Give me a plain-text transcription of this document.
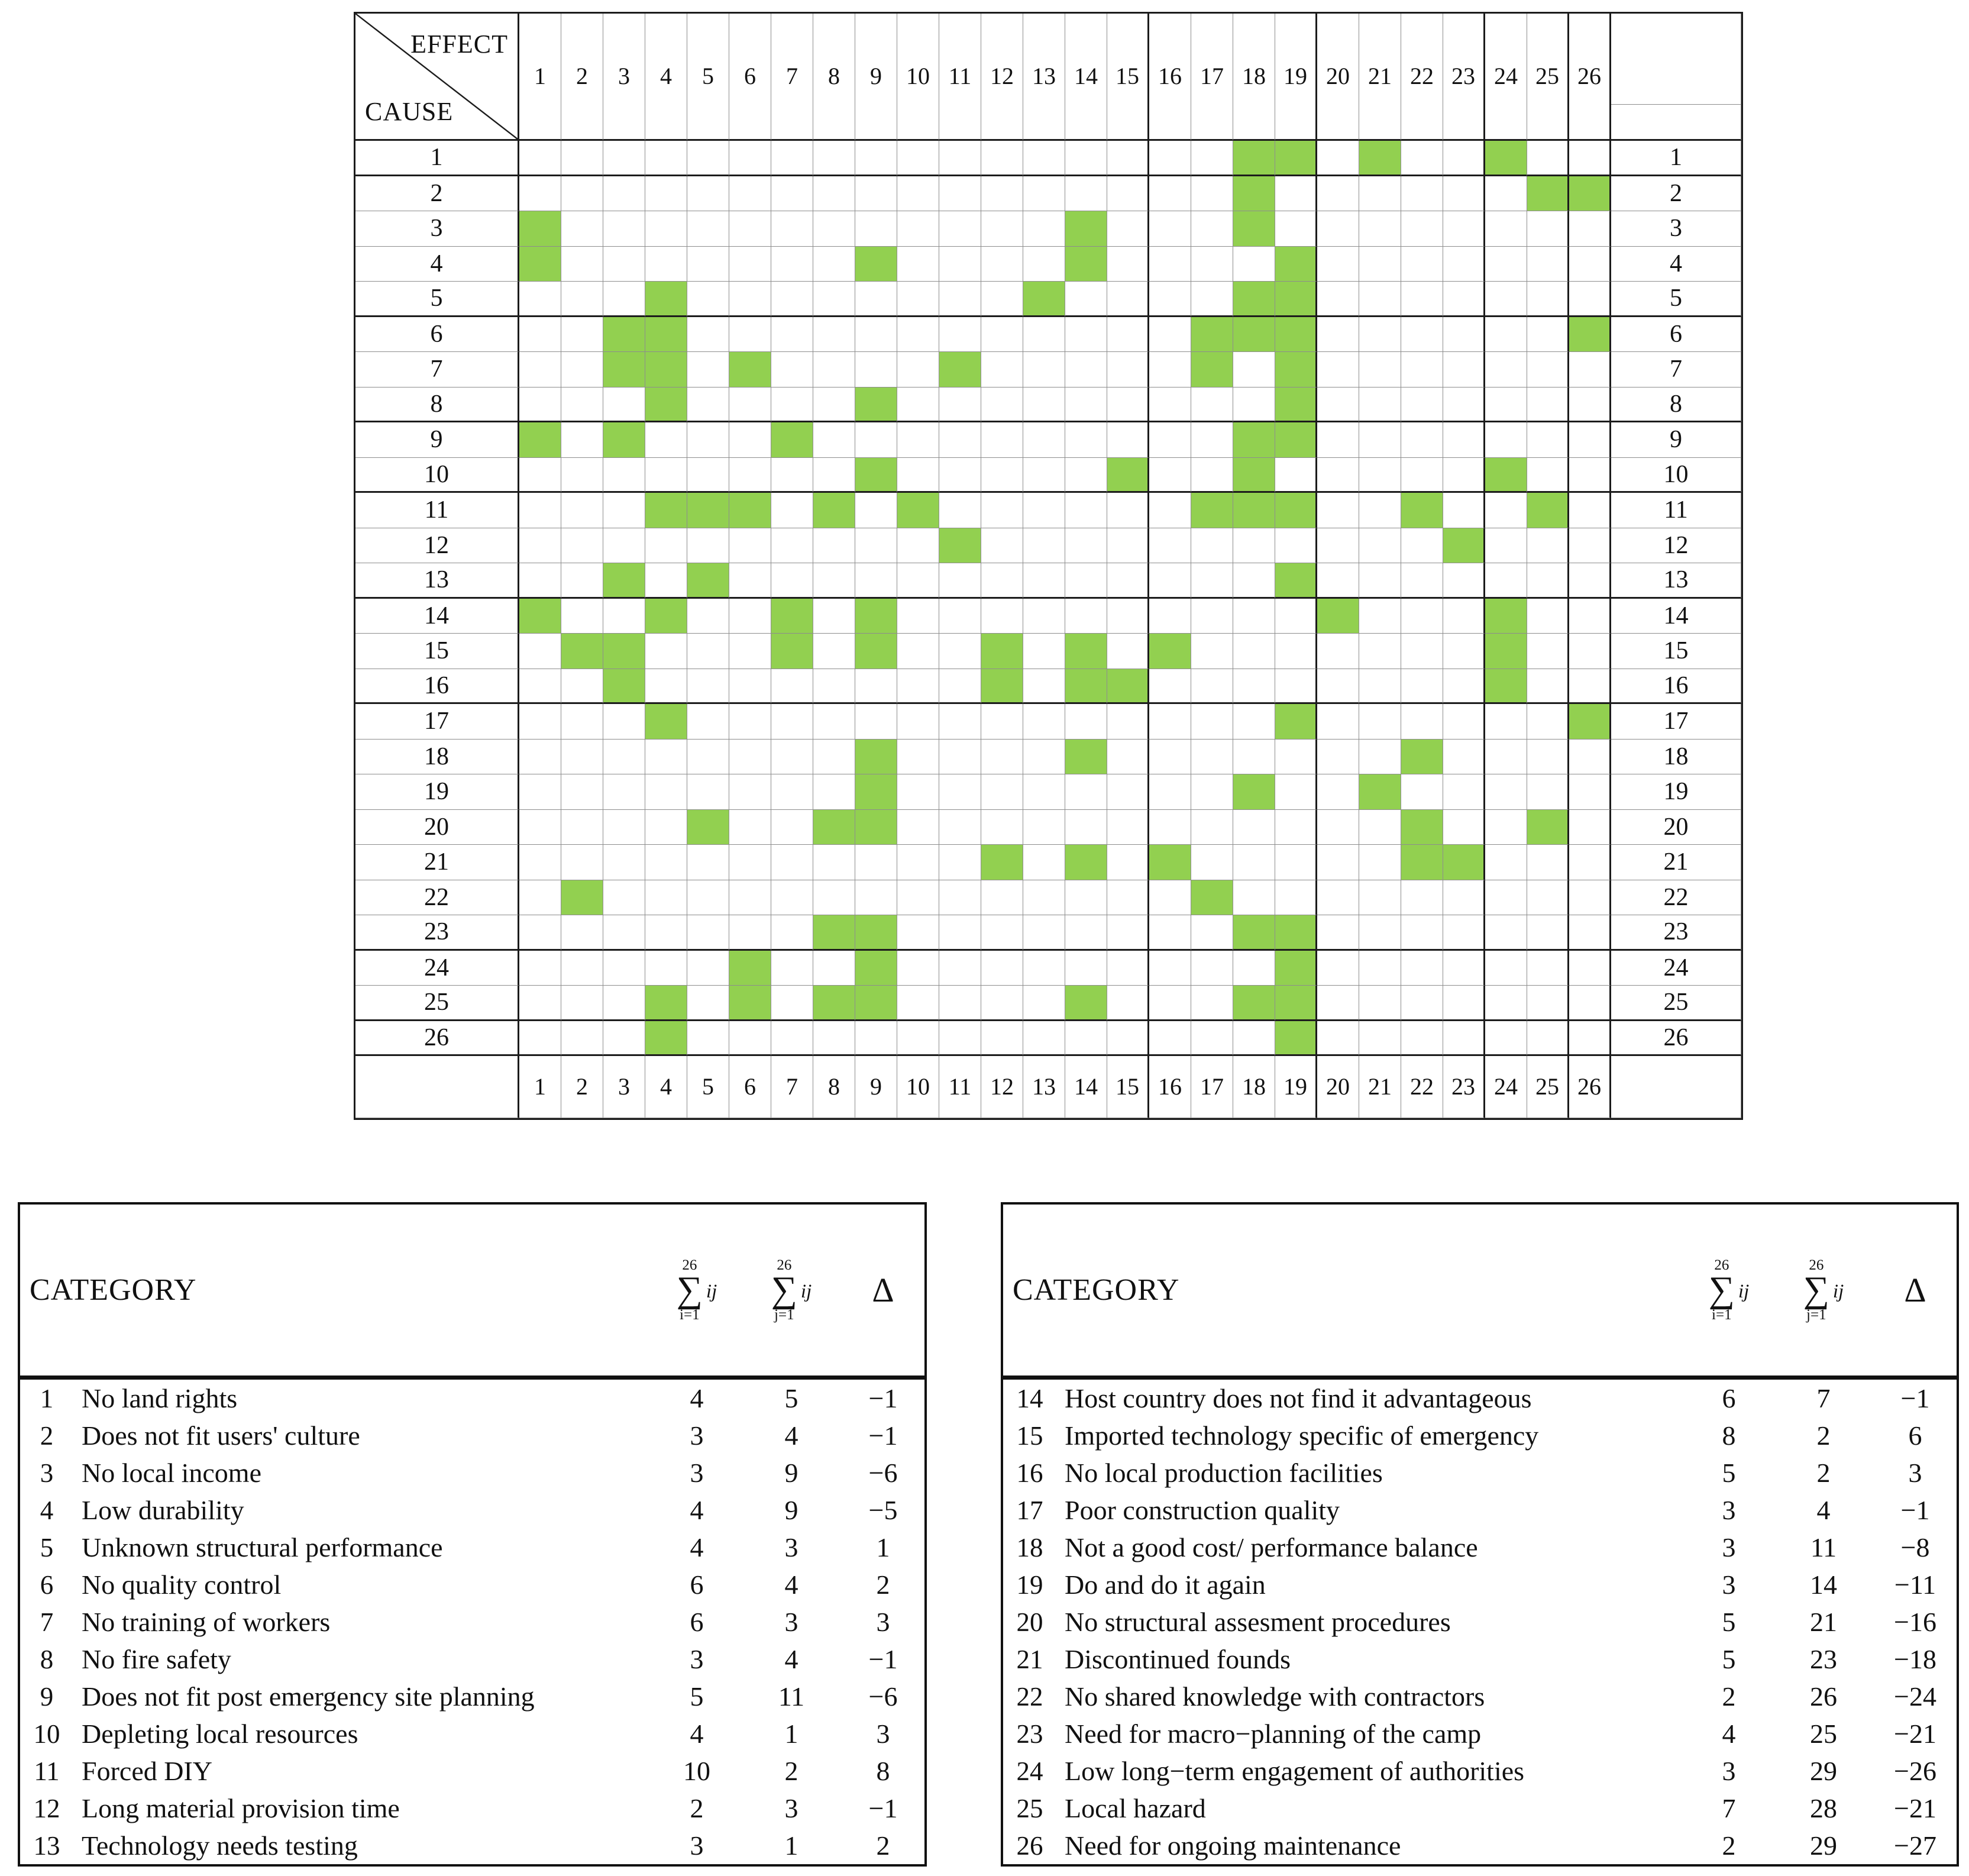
EFFECT
CAUSE
1	2	3	4	5	6	7	8	9	10 11 12 13 14 15 16 17 18 19 20 21 22 23 24 25 26
1	1
2	2
3	3
4	4
5	5
6	6
7	7
8	8
9	9
10	10
11	11
12	12
13	13
14	14
15	15
16	16
17	17
18	18
19	19
20	20
21	21
22	22
23	23
24	24
25	25
26	26
1	2	3	4	5	6	7	8	9	10 11 12 13 14 15 16 17 18 19 20 21 22 23 24 25 26
CATEGORY
26
∑
i=1
ij
26
∑
j=1
ij	Δ
1	No land rights	4	5	−1
2	Does not fit users' culture	3	4	−1
3	No local income	3	9	−6
4	Low durability	4	9	−5
5	Unknown structural performance	4	3	1
6	No quality control	6	4	2
7	No training of workers	6	3	3
8	No fire safety	3	4	−1
9	Does not fit post emergency site planning	5	11	−6
10 Depleting local resources	4	1	3
11 Forced DIY	10	2	8
12 Long material provision time	2	3	−1
13 Technology needs testing	3	1	2
CATEGORY
26
∑
i=1
ij
26
∑
j=1
ij	Δ
14 Host country does not find it advantageous	6	7	−1
15 Imported technology specific of emergency	8	2	6
16 No local production facilities	5	2	3
17 Poor construction quality	3	4	−1
18 Not a good cost/ performance balance	3	11	−8
19 Do and do it again	3	14	−11
20 No structural assesment procedures	5	21	−16
21 Discontinued founds	5	23	−18
22 No shared knowledge with contractors	2	26	−24
23 Need for macro−planning of the camp	4	25	−21
24 Low long−term engagement of authorities	3	29	−26
25 Local hazard	7	28	−21
26 Need for ongoing maintenance	2	29	−27
